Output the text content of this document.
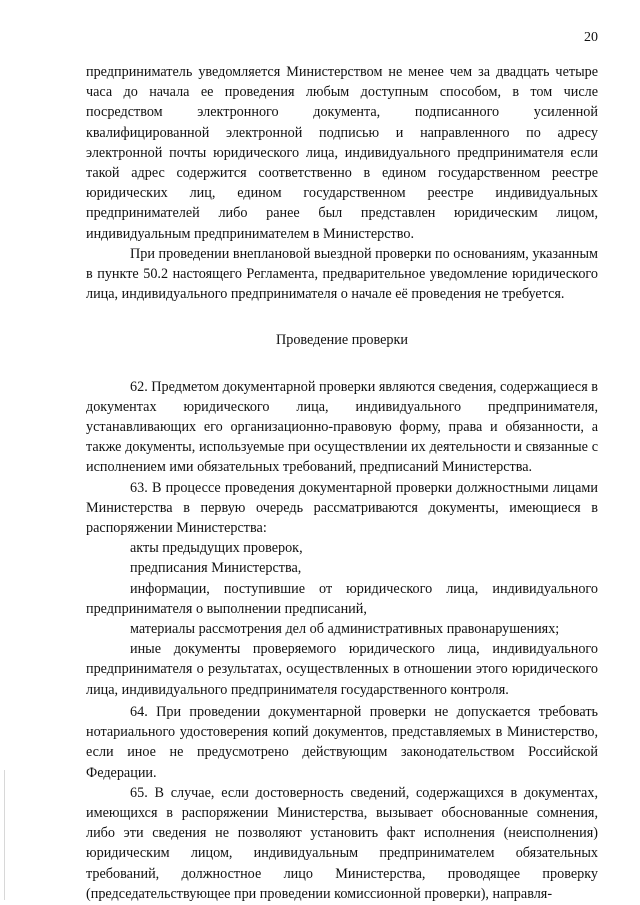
20

предприниматель уведомляется Министерством не менее чем за двадцать четыре часа до начала ее проведения любым доступным способом, в том числе посредством электронного документа, подписанного усиленной квалифицированной электронной подписью и направленного по адресу электронной почты юридического лица, индивидуального предпринимателя если такой адрес содержится соответственно в едином государственном реестре юридических лиц, едином государственном реестре индивидуальных предпринимателей либо ранее был представлен юридическим лицом, индивидуальным предпринимателем в Министерство.

При проведении внеплановой выездной проверки по основаниям, указанным в пункте 50.2 настоящего Регламента, предварительное уведомление юридического лица, индивидуального предпринимателя о начале её проведения не требуется.

Проведение проверки

62. Предметом документарной проверки являются сведения, содержащиеся в документах юридического лица, индивидуального предпринимателя, устанавливающих его организационно-правовую форму, права и обязанности, а также документы, используемые при осуществлении их деятельности и связанные с исполнением ими обязательных требований, предписаний Министерства.

63. В процессе проведения документарной проверки должностными лицами Министерства в первую очередь рассматриваются документы, имеющиеся в распоряжении Министерства:

акты предыдущих проверок,

предписания Министерства,

информации, поступившие от юридического лица, индивидуального предпринимателя о выполнении предписаний,

материалы рассмотрения дел об административных правонарушениях;

иные документы проверяемого юридического лица, индивидуального предпринимателя о результатах, осуществленных в отношении этого юридического лица, индивидуального предпринимателя государственного контроля.

64. При проведении документарной проверки не допускается требовать нотариального удостоверения копий документов, представляемых в Министерство, если иное не предусмотрено действующим законодательством Российской Федерации.

65. В случае, если достоверность сведений, содержащихся в документах, имеющихся в распоряжении Министерства, вызывает обоснованные сомнения, либо эти сведения не позволяют установить факт исполнения (неисполнения) юридическим лицом, индивидуальным предпринимателем обязательных требований, должностное лицо Министерства, проводящее проверку (председательствующее при проведении комиссионной проверки), направля-
